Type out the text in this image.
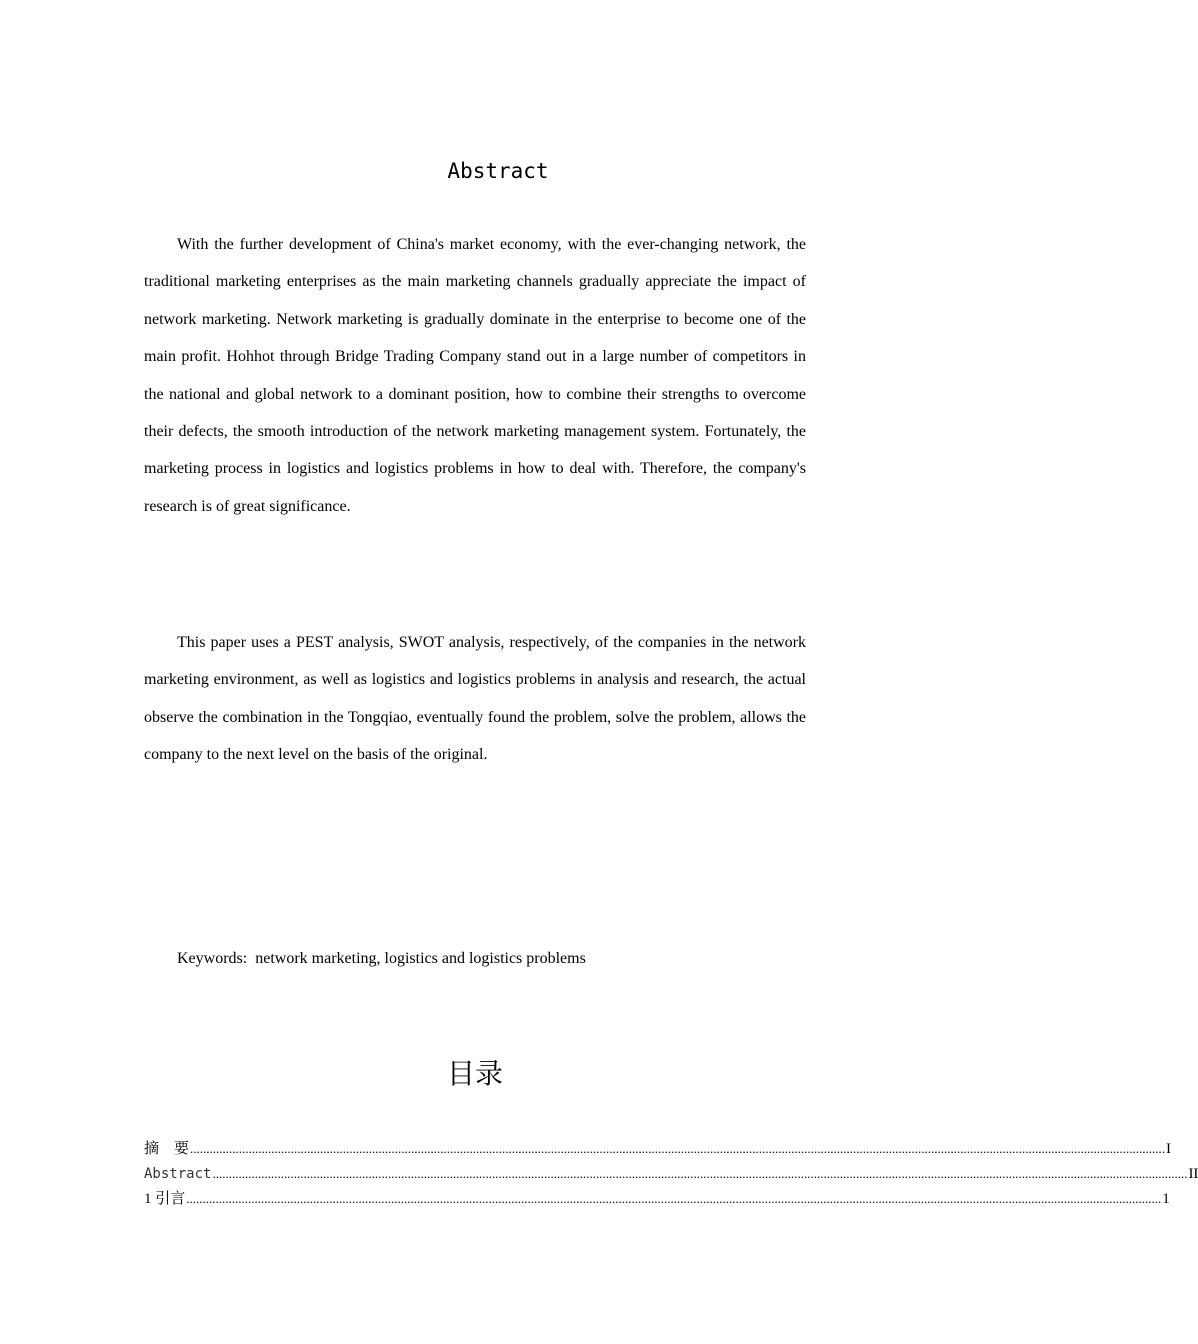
Abstract

With the further development of China's market economy, with the ever-changing network, the traditional marketing enterprises as the main marketing channels gradually appreciate the impact of network marketing. Network marketing is gradually dominate in the enterprise to become one of the main profit. Hohhot through Bridge Trading Company stand out in a large number of competitors in the national and global network to a dominant position, how to combine their strengths to overcome their defects, the smooth introduction of the network marketing management system. Fortunately, the marketing process in logistics and logistics problems in how to deal with. Therefore, the company's research is of great significance.

This paper uses a PEST analysis, SWOT analysis, respectively, of the companies in the network marketing environment, as well as logistics and logistics problems in analysis and research, the actual observe the combination in the Tongqiao, eventually found the problem, solve the problem, allows the company to the next level on the basis of the original.

Keywords:  network marketing, logistics and logistics problems
目录
摘　要 ............................................................................................................................................................................................................................................................................................................ I
Abstract ............................................................................................................................................................................................................................................................................................................ II
1 引言 ............................................................................................................................................................................................................................................................................................................ 1
